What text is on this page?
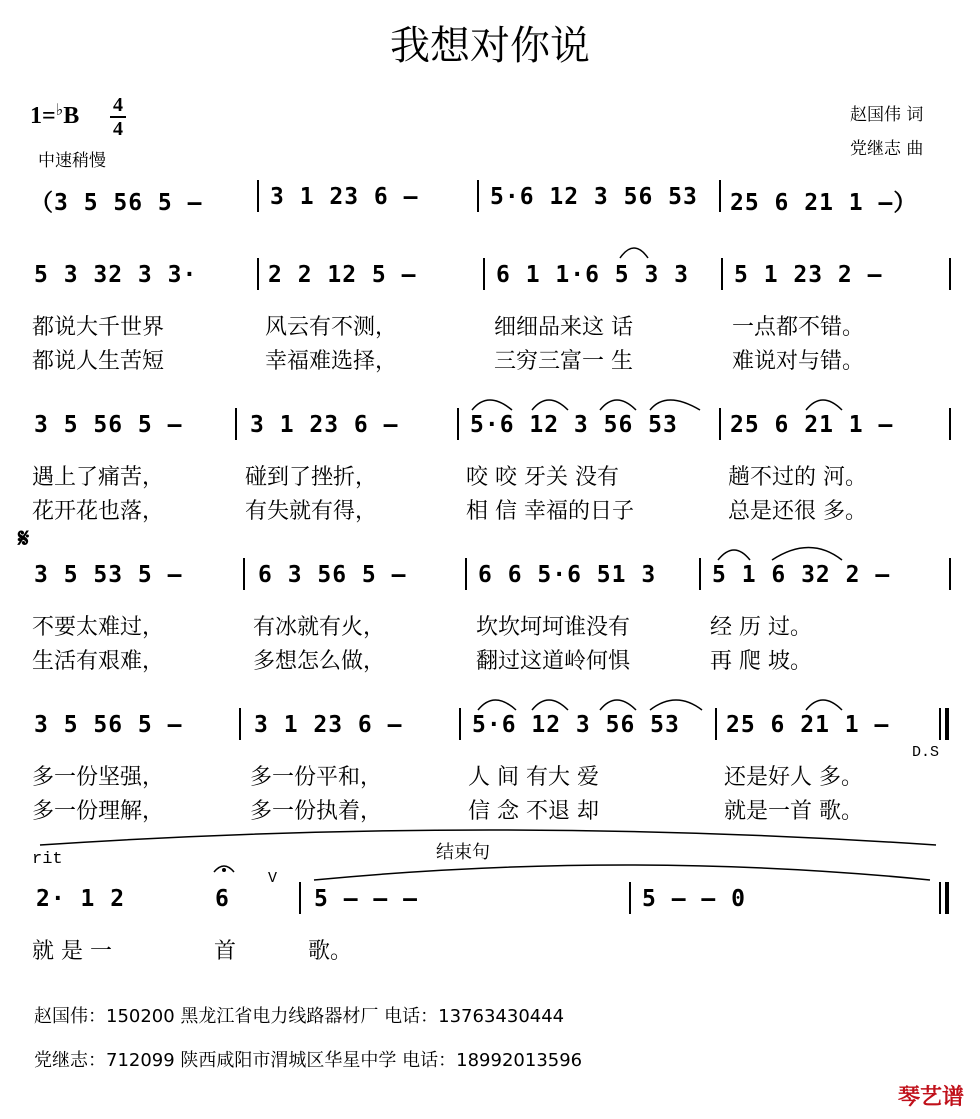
我想对你说
1=♭B 4
4
中速稍慢
赵国伟 词
党继志 曲
（3 5 56 5 –	3 1 23 6 –	5·6 12 3 56 53 25 6 21 1 –）
5 3 32 3 3·	2 2 12 5 –	6 1 1·6 5 3 3 5 1 23 2 –
都说大千世界	风云有不测，	细细品来这 话	一点都不错。
都说人生苦短	幸福难选择，	三穷三富一 生	难说对与错。
3 5 56 5 –	3 1 23 6 –	5·6 12 3 56 53 25 6 21 1 –
遇上了痛苦，	碰到了挫折，	咬 咬 牙关 没有	趟不过的 河。
花开花也落，	有失就有得，	相 信 幸福的日子	总是还很 多。
𝄋
3 5 53 5 –	6 3 56 5 –	6 6 5·6 51 3 5 1 6 32 2 –
不要太难过，	有冰就有火，	坎坎坷坷谁没有	经 历 过。
生活有艰难，	多想怎么做，	翻过这道岭何惧	再 爬 坡。
3 5 56 5 –	3 1 23 6 –	5·6 12 3 56 53 25 6 21 1 –
D.S
多一份坚强，	多一份平和，	人 间 有大 爱	还是好人 多。
多一份理解，	多一份执着，	信 念 不退 却	就是一首 歌。
rit	结束句
V
2· 1 2	6	5 – – –	5 – – 0
就 是 一	首	歌。
赵国伟：150200 黑龙江省电力线路器材厂 电话：13763430444
党继志：712099 陕西咸阳市渭城区华星中学 电话：18992013596
琴艺谱
